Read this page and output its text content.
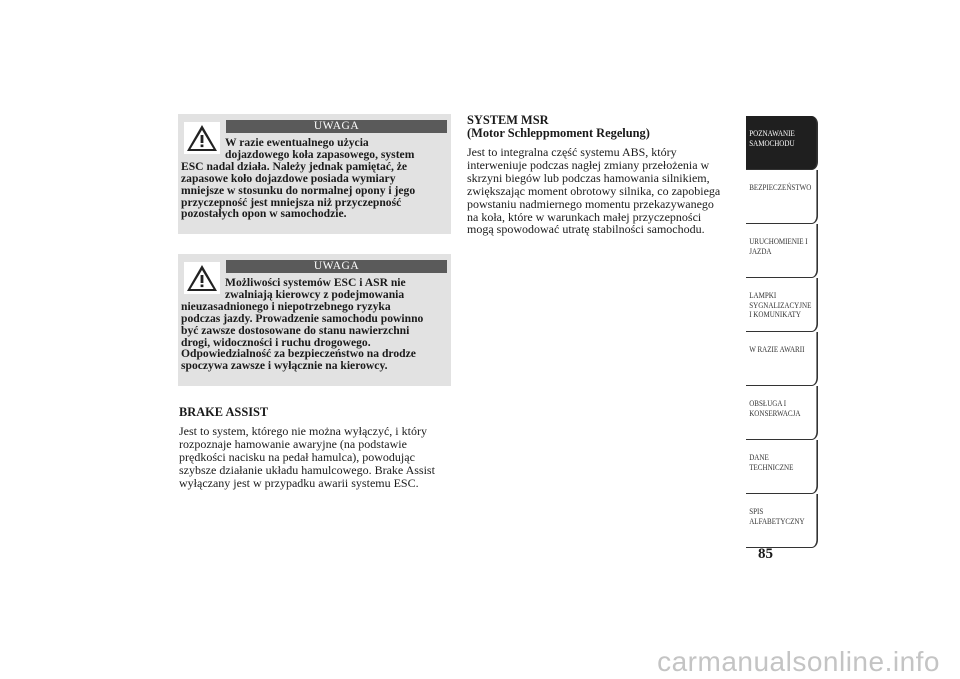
UWAGA
W razie ewentualnego użycia
dojazdowego koła zapasowego, system
ESC nadal działa. Należy jednak pamiętać, że
zapasowe koło dojazdowe posiada wymiary
mniejsze w stosunku do normalnej opony i jego
przyczepność jest mniejsza niż przyczepność
pozostałych opon w samochodzie.
UWAGA
Możliwości systemów ESC i ASR nie
zwalniają kierowcy z podejmowania
nieuzasadnionego i niepotrzebnego ryzyka
podczas jazdy. Prowadzenie samochodu powinno
być zawsze dostosowane do stanu nawierzchni
drogi, widoczności i ruchu drogowego.
Odpowiedzialność za bezpieczeństwo na drodze
spoczywa zawsze i wyłącznie na kierowcy.
BRAKE ASSIST
Jest to system, którego nie można wyłączyć, i który
rozpoznaje hamowanie awaryjne (na podstawie
prędkości nacisku na pedał hamulca), powodując
szybsze działanie układu hamulcowego. Brake Assist
wyłączany jest w przypadku awarii systemu ESC.
SYSTEM MSR
(Motor Schleppmoment Regelung)
Jest to integralna część systemu ABS, który
interweniuje podczas nagłej zmiany przełożenia w
skrzyni biegów lub podczas hamowania silnikiem,
zwiększając moment obrotowy silnika, co zapobiega
powstaniu nadmiernego momentu przekazywanego
na koła, które w warunkach małej przyczepności
mogą spowodować utratę stabilności samochodu.
POZNAWANIE
SAMOCHODU
BEZPIECZEŃSTWO
URUCHOMIENIE I
JAZDA
LAMPKI
SYGNALIZACYJNE
I KOMUNIKATY
W RAZIE AWARII
OBSŁUGA I
KONSERWACJA
DANE
TECHNICZNE
SPIS
ALFABETYCZNY
85
carmanualsonline.info
